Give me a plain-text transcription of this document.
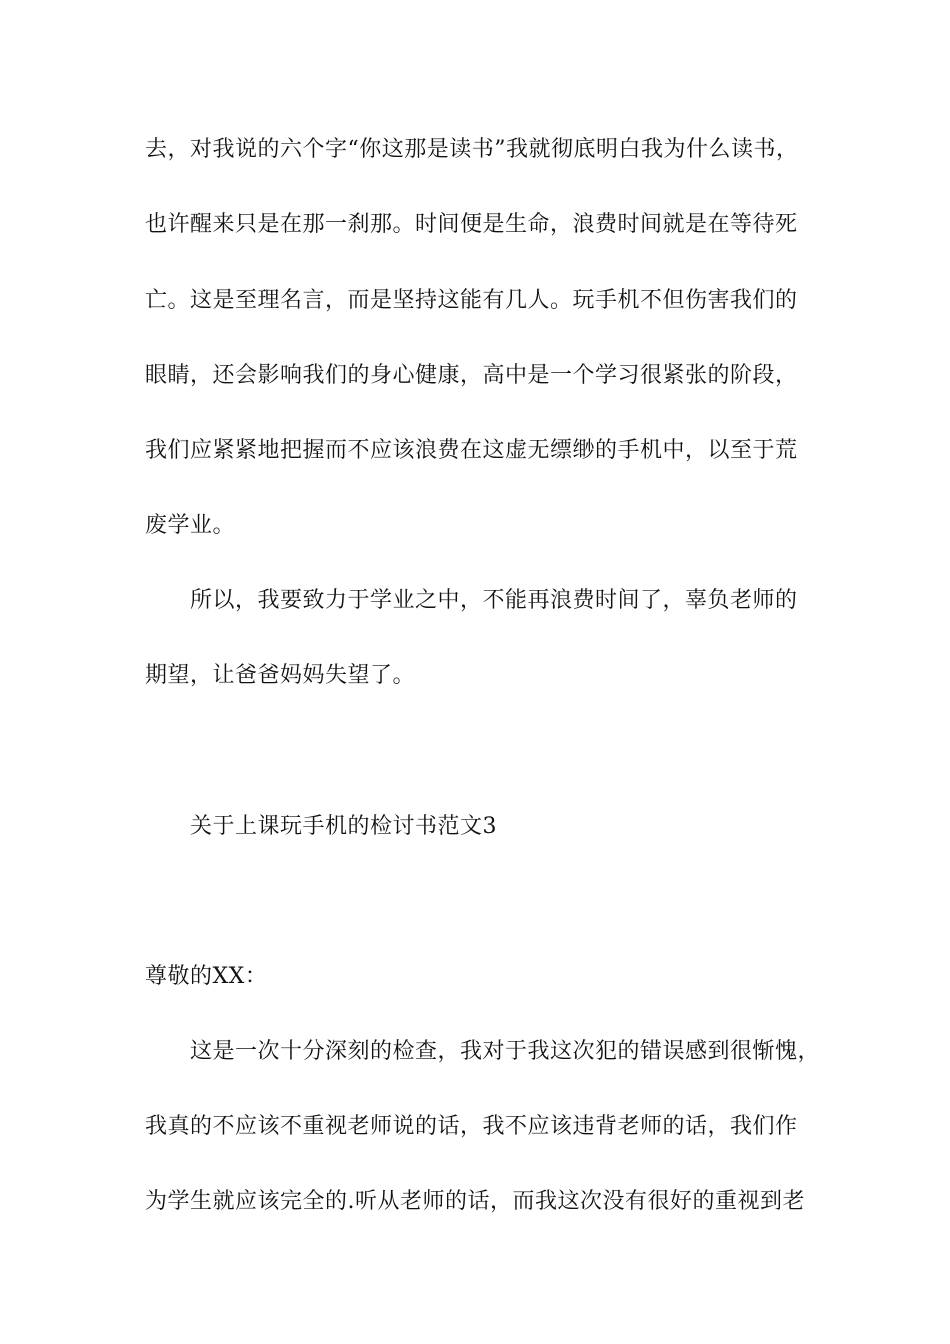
去，对我说的六个字“你这那是读书”我就彻底明白我为什么读书，
也许醒来只是在那一刹那。时间便是生命，浪费时间就是在等待死
亡。这是至理名言，而是坚持这能有几人。玩手机不但伤害我们的
眼睛，还会影响我们的身心健康，高中是一个学习很紧张的阶段，
我们应紧紧地把握而不应该浪费在这虚无缥缈的手机中，以至于荒
废学业。
所以，我要致力于学业之中，不能再浪费时间了，辜负老师的
期望，让爸爸妈妈失望了。
关于上课玩手机的检讨书范文3
尊敬的XX：
这是一次十分深刻的检查，我对于我这次犯的错误感到很惭愧，
我真的不应该不重视老师说的话，我不应该违背老师的话，我们作
为学生就应该完全的.听从老师的话，而我这次没有很好的重视到老
